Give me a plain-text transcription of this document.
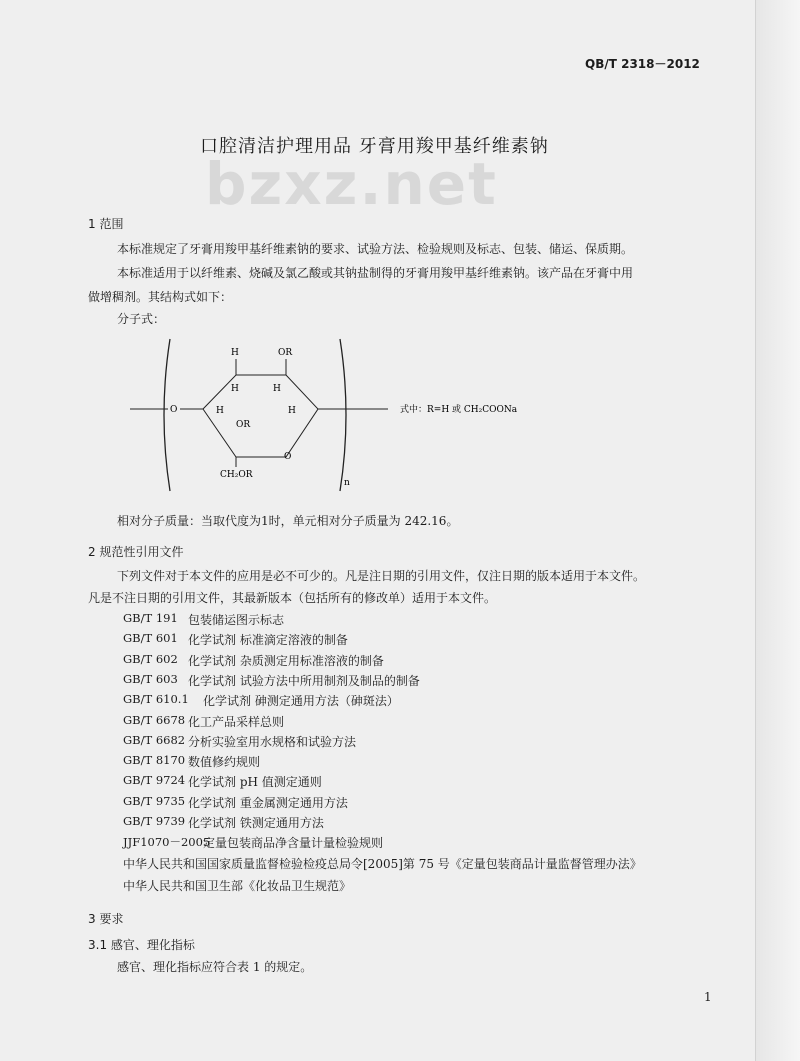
QB/T 2318－2012
口腔清洁护理用品 牙膏用羧甲基纤维素钠
bzxz.net
1 范围
本标准规定了牙膏用羧甲基纤维素钠的要求、试验方法、检验规则及标志、包装、储运、保质期。
本标准适用于以纤维素、烧碱及氯乙酸或其钠盐制得的牙膏用羧甲基纤维素钠。该产品在牙膏中用
做增稠剂。其结构式如下：
分子式：
H	OR
O
H	H
H
OR
H
O
CH₂OR
n
式中：R=H 或 CH₂COONa
相对分子质量：当取代度为1时，单元相对分子质量为 242.16。
2 规范性引用文件
下列文件对于本文件的应用是必不可少的。凡是注日期的引用文件，仅注日期的版本适用于本文件。
凡是不注日期的引用文件，其最新版本（包括所有的修改单）适用于本文件。
GB/T 191 包装储运图示标志
GB/T 601 化学试剂 标准滴定溶液的制备
GB/T 602 化学试剂 杂质测定用标准溶液的制备
GB/T 603 化学试剂 试验方法中所用制剂及制品的制备
GB/T 610.1 化学试剂 砷测定通用方法（砷斑法）
GB/T 6678 化工产品采样总则
GB/T 6682 分析实验室用水规格和试验方法
GB/T 8170 数值修约规则
GB/T 9724 化学试剂 pH 值测定通则
GB/T 9735 化学试剂 重金属测定通用方法
GB/T 9739 化学试剂 铁测定通用方法
JJF1070－2005
定量包装商品净含量计量检验规则
中华人民共和国国家质量监督检验检疫总局令[2005]第 75 号《定量包装商品计量监督管理办法》
中华人民共和国卫生部《化妆品卫生规范》
3 要求
3.1 感官、理化指标
感官、理化指标应符合表 1 的规定。
1
